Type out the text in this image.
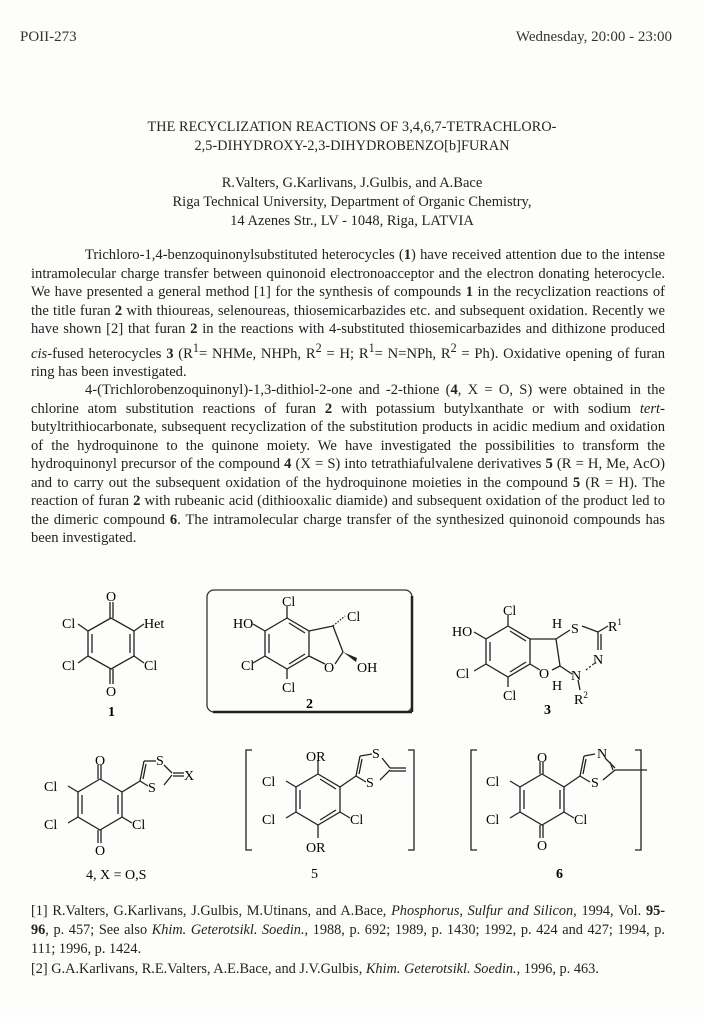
POII-273	Wednesday, 20:00 - 23:00
THE RECYCLIZATION REACTIONS OF 3,4,6,7-TETRACHLORO-
2,5-DIHYDROXY-2,3-DIHYDROBENZO[b]FURAN
R.Valters, G.Karlivans, J.Gulbis, and A.Bace
Riga Technical University, Department of Organic Chemistry,
14 Azenes Str., LV - 1048, Riga, LATVIA

Trichloro-1,4-benzoquinonylsubstituted heterocycles (1) have received attention due to the intense intramolecular charge transfer between quinonoid electronoacceptor and the electron donating heterocycle. We have presented a general method [1] for the synthesis of compounds 1 in the recyclization reactions of the title furan 2 with thioureas, selenoureas, thiosemicarbazides etc. and subsequent oxidation. Recently we have shown [2] that furan 2 in the reactions with 4-substituted thiosemicarbazides and dithizone produced cis-fused heterocycles 3 ($R^1=$ NHMe, NHPh, $R^2 = H$; $R^1= N=NPh$, $R^2 = Ph$). Oxidative opening of furan ring has been investigated.

4-(Trichlorobenzoquinonyl)-1,3-dithiol-2-one and -2-thione (4, X = O, S) were obtained in the chlorine atom substitution reactions of furan 2 with potassium butylxanthate or with sodium tert-butyltrithiocarbonate, subsequent recyclization of the substitution products in acidic medium and oxidation of the hydroquinone to the quinone moiety. We have investigated the possibilities to transform the hydroquinonyl precursor of the compound 4 (X = S) into tetrathiafulvalene derivatives 5 (R = H, Me, AcO) and to carry out the subsequent oxidation of the hydroquinone moieties in the compound 5 (R = H). The reaction of furan 2 with rubeanic acid (dithiooxalic diamide) and subsequent oxidation of the product led to the dimeric compound 6. The intramolecular charge transfer of the synthesized quinonoid compounds has been investigated.

O
O
Cl
Cl	Cl
Het
1
Cl
HO
Cl
Cl
O OH
Cl
2
Cl
HO
Cl
Cl
O
H
H
S
N
N
$R^1$
$R^2$
3
O
O
Cl
Cl	Cl
S
S
X
4, X = O,S
OR
OR
Cl
Cl	Cl
S
S
5
O
O
Cl
Cl	Cl
N
S
6

[1] R.Valters, G.Karlivans, J.Gulbis, M.Utinans, and A.Bace, Phosphorus, Sulfur and Silicon, 1994, Vol. 95-96, p. 457; See also Khim. Geterotsikl. Soedin., 1988, p. 692; 1989, p. 1430; 1992, p. 424 and 427; 1994, p. 111; 1996, p. 1424.

[2] G.A.Karlivans, R.E.Valters, A.E.Bace, and J.V.Gulbis, Khim. Geterotsikl. Soedin., 1996, p. 463.
